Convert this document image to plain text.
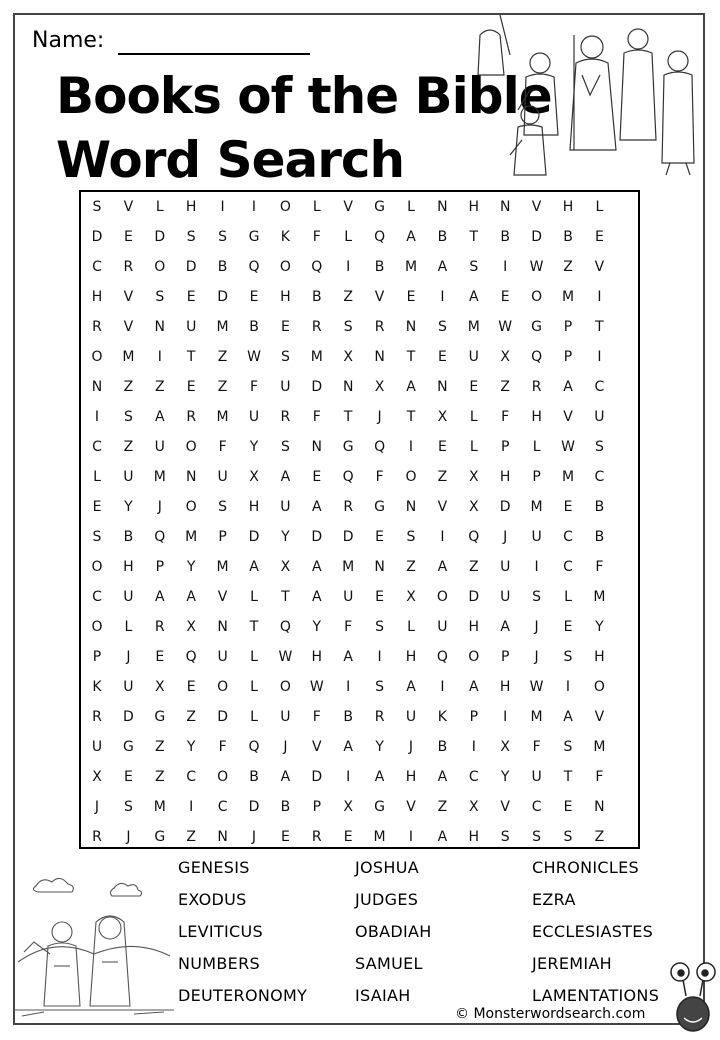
Name:
Books of the Bible
Word Search
S	V	L	H	I	I	O	L	V	G	L	N	H	N	V	H	L
D	E	D	S	S	G	K	F	L	Q	A	B	T	B	D	B	E
C	R	O	D	B	Q	O	Q	I	B	M	A	S	I	W	Z	V
H	V	S	E	D	E	H	B	Z	V	E	I	A	E	O	M	I
R	V	N	U	M	B	E	R	S	R	N	S	M	W	G	P	T
O	M	I	T	Z	W	S	M	X	N	T	E	U	X	Q	P	I
N	Z	Z	E	Z	F	U	D	N	X	A	N	E	Z	R	A	C
I	S	A	R	M	U	R	F	T	J	T	X	L	F	H	V	U
C	Z	U	O	F	Y	S	N	G	Q	I	E	L	P	L	W	S
L	U	M	N	U	X	A	E	Q	F	O	Z	X	H	P	M	C
E	Y	J	O	S	H	U	A	R	G	N	V	X	D	M	E	B
S	B	Q	M	P	D	Y	D	D	E	S	I	Q	J	U	C	B
O	H	P	Y	M	A	X	A	M	N	Z	A	Z	U	I	C	F
C	U	A	A	V	L	T	A	U	E	X	O	D	U	S	L	M
O	L	R	X	N	T	Q	Y	F	S	L	U	H	A	J	E	Y
P	J	E	Q	U	L	W	H	A	I	H	Q	O	P	J	S	H
K	U	X	E	O	L	O	W	I	S	A	I	A	H	W	I	O
R	D	G	Z	D	L	U	F	B	R	U	K	P	I	M	A	V
U	G	Z	Y	F	Q	J	V	A	Y	J	B	I	X	F	S	M
X	E	Z	C	O	B	A	D	I	A	H	A	C	Y	U	T	F
J	S	M	I	C	D	B	P	X	G	V	Z	X	V	C	E	N
R	J	G	Z	N	J	E	R	E	M	I	A	H	S	S	S	Z
GENESIS
EXODUS
LEVITICUS
NUMBERS
DEUTERONOMY
JOSHUA
JUDGES
OBADIAH
SAMUEL
ISAIAH
CHRONICLES
EZRA
ECCLESIASTES
JEREMIAH
LAMENTATIONS
© Monsterwordsearch.com
